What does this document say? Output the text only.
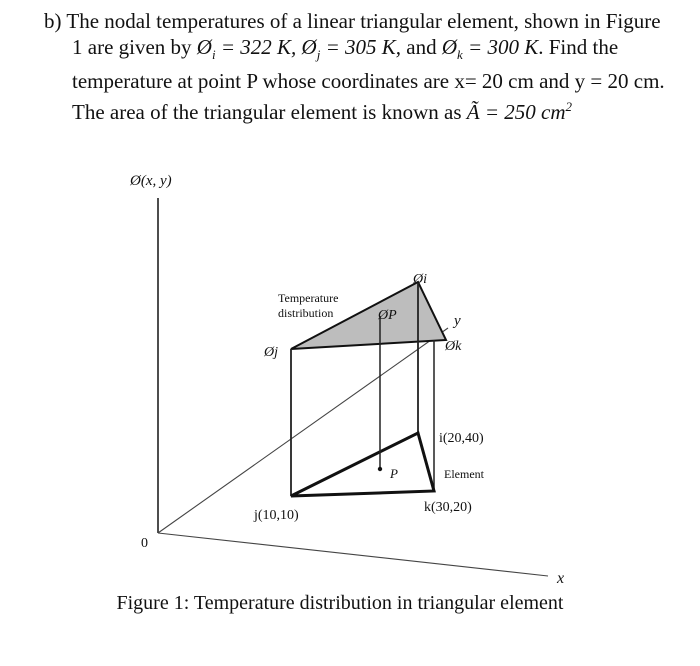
b) The nodal temperatures of a linear triangular element, shown in Figure
1 are given by $Ø_i = 322$ K, $Ø_j = 305$ K, and $Ø_k = 300$ K. Find the
temperature at point P whose coordinates are x= 20 cm and y = 20 cm.
The area of the triangular element is known as Ã = 250 $cm^2$
Ø(x, y)
x
y
0
Temperature
distribution
Øi
Øj	Øk
ØP
P
i(20,40)
j(10,10)
k(30,20)
Element
Figure 1: Temperature distribution in triangular element
